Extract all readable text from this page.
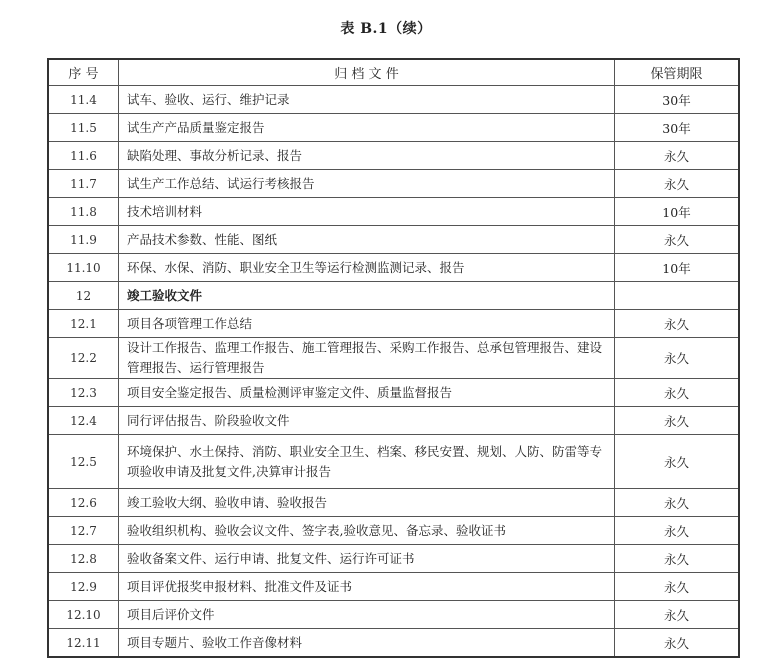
表 B.1（续）
序 号	归 档 文 件	保管期限
11.4	试车、验收、运行、维护记录	30年
11.5	试生产产品质量鉴定报告	30年
11.6	缺陷处理、事故分析记录、报告	永久
11.7	试生产工作总结、试运行考核报告	永久
11.8	技术培训材料	10年
11.9	产品技术参数、性能、图纸	永久
11.10	环保、水保、消防、职业安全卫生等运行检测监测记录、报告	10年
12	竣工验收文件	
12.1	项目各项管理工作总结	永久
12.2	设计工作报告、监理工作报告、施工管理报告、采购工作报告、总承包管理报告、建设管理报告、运行管理报告	永久
12.3	项目安全鉴定报告、质量检测评审鉴定文件、质量监督报告	永久
12.4	同行评估报告、阶段验收文件	永久
12.5	环境保护、水土保持、消防、职业安全卫生、档案、移民安置、规划、人防、防雷等专项验收申请及批复文件,决算审计报告	永久
12.6	竣工验收大纲、验收申请、验收报告	永久
12.7	验收组织机构、验收会议文件、签字表,验收意见、备忘录、验收证书	永久
12.8	验收备案文件、运行申请、批复文件、运行许可证书	永久
12.9	项目评优报奖申报材料、批准文件及证书	永久
12.10	项目后评价文件	永久
12.11	项目专题片、验收工作音像材料	永久
